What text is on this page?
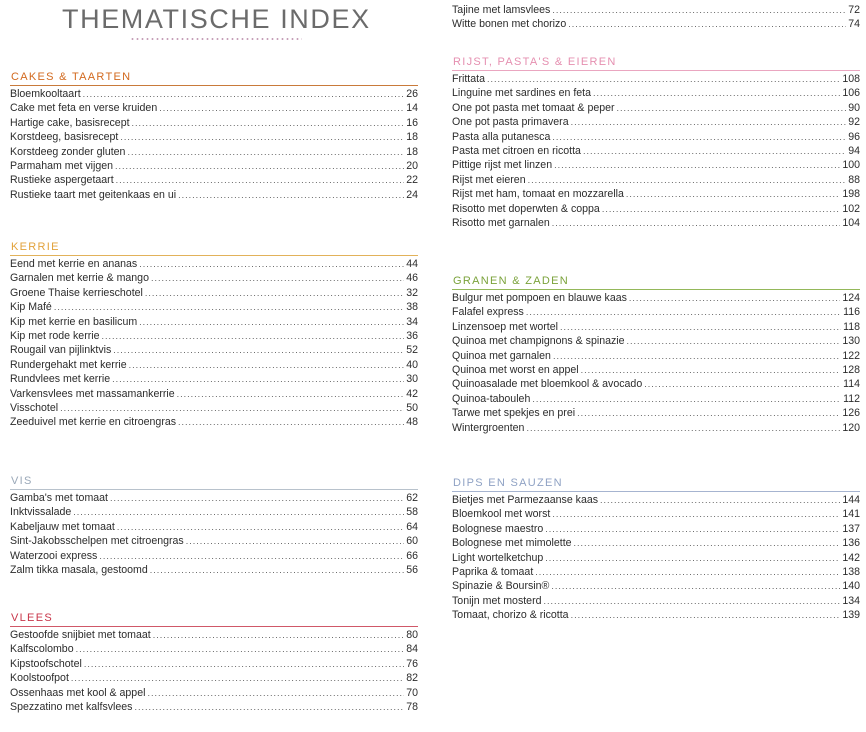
THEMATISCHE INDEX
CAKES & TAARTEN
Bloemkooltaart .....	26
Cake met feta en verse kruiden .....	14
Hartige cake, basisrecept .....	16
Korstdeeg, basisrecept .....	18
Korstdeeg zonder gluten .....	18
Parmaham met vijgen .....	20
Rustieke aspergetaart .....	22
Rustieke taart met geitenkaas en ui .....	24
KERRIE
Eend met kerrie en ananas .....	44
Garnalen met kerrie & mango .....	46
Groene Thaise kerrieschotel .....	32
Kip Mafé .....	38
Kip met kerrie en basilicum .....	34
Kip met rode kerrie .....	36
Rougail van pijlinktvis .....	52
Rundergehakt met kerrie .....	40
Rundvlees met kerrie .....	30
Varkensvlees met massamankerrie .....	42
Visschotel .....	50
Zeeduivel met kerrie en citroengras .....	48
VIS
Gamba's met tomaat .....	62
Inktvissalade .....	58
Kabeljauw met tomaat .....	64
Sint-Jakobsschelpen met citroengras .....	60
Waterzooi express .....	66
Zalm tikka masala, gestoomd .....	56
VLEES
Gestoofde snijbiet met tomaat .....	80
Kalfscolombo .....	84
Kipstoofschotel .....	76
Koolstoofpot .....	82
Ossenhaas met kool & appel .....	70
Spezzatino met kalfsvlees .....	78
Tajine met lamsvlees .....	72
Witte bonen met chorizo .....	74
RIJST, PASTA'S & EIEREN
Frittata .....	108
Linguine met sardines en feta .....	106
One pot pasta met tomaat & peper .....	90
One pot pasta primavera .....	92
Pasta alla putanesca .....	96
Pasta met citroen en ricotta .....	94
Pittige rijst met linzen .....	100
Rijst met eieren .....	88
Rijst met ham, tomaat en mozzarella .....	198
Risotto met doperwten & coppa .....	102
Risotto met garnalen .....	104
GRANEN & ZADEN
Bulgur met pompoen en blauwe kaas .....	124
Falafel express .....	116
Linzensoep met wortel .....	118
Quinoa met champignons & spinazie .....	130
Quinoa met garnalen .....	122
Quinoa met worst en appel .....	128
Quinoasalade met bloemkool & avocado .....	114
Quinoa-tabouleh .....	112
Tarwe met spekjes en prei .....	126
Wintergroenten .....	120
DIPS EN SAUZEN
Bietjes met Parmezaanse kaas .....	144
Bloemkool met worst .....	141
Bolognese maestro .....	137
Bolognese met mimolette .....	136
Light wortelketchup .....	142
Paprika & tomaat .....	138
Spinazie & Boursin® .....	140
Tonijn met mosterd .....	134
Tomaat, chorizo & ricotta .....	139
